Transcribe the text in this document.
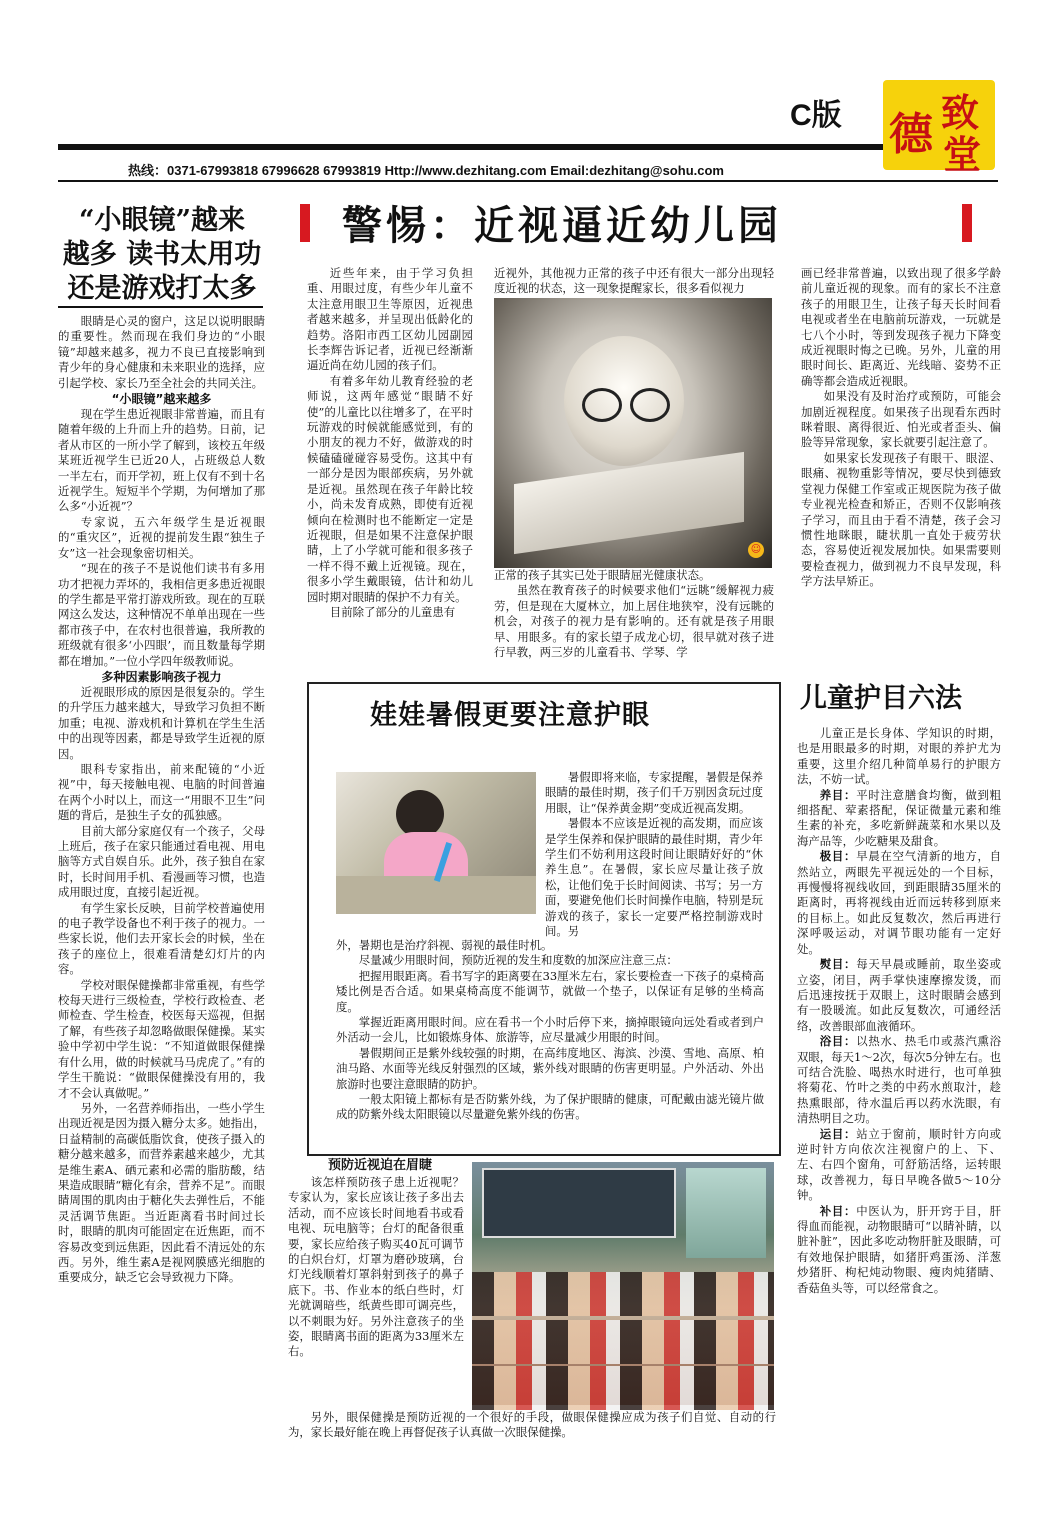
C版 德 致
堂
热线：0371-67993818 67996628 67993819 Http://www.dezhitang.com Email:dezhitang@sohu.com
警惕：近视逼近幼儿园
“小眼镜”越来
越多 读书太用功
还是游戏打太多

眼睛是心灵的窗户，这足以说明眼睛的重要性。然而现在我们身边的“小眼镜”却越来越多，视力不良已直接影响到青少年的身心健康和未来职业的选择，应引起学校、家长乃至全社会的共同关注。

“小眼镜”越来越多

现在学生患近视眼非常普遍，而且有随着年级的上升而上升的趋势。日前，记者从市区的一所小学了解到，该校五年级某班近视学生已近20人，占班级总人数一半左右，而开学初，班上仅有不到十名近视学生。短短半个学期，为何增加了那么多“小近视”？

专家说，五六年级学生是近视眼的“重灾区”，近视的提前发生跟“独生子女”这一社会现象密切相关。

“现在的孩子不是说他们读书有多用功才把视力弄坏的，我相信更多患近视眼的学生都是平常打游戏所致。现在的互联网这么发达，这种情况不单单出现在一些都市孩子中，在农村也很普遍，我所教的班级就有很多‘小四眼’，而且数量每学期都在增加。”一位小学四年级教师说。

多种因素影响孩子视力

近视眼形成的原因是很复杂的。学生的升学压力越来越大，导致学习负担不断加重；电视、游戏机和计算机在学生生活中的出现等因素，都是导致学生近视的原因。

眼科专家指出，前来配镜的“小近视”中，每天接触电视、电脑的时间普遍在两个小时以上，而这一“用眼不卫生”问题的背后，是独生子女的孤独感。

目前大部分家庭仅有一个孩子，父母上班后，孩子在家只能通过看电视、用电脑等方式自娱自乐。此外，孩子独自在家时，长时间用手机、看漫画等习惯，也造成用眼过度，直接引起近视。

有学生家长反映，目前学校普遍使用的电子教学设备也不利于孩子的视力。一些家长说，他们去开家长会的时候，坐在孩子的座位上，很难看清楚幻灯片的内容。

学校对眼保健操都非常重视，有些学校每天进行三级检查，学校行政检查、老师检查、学生检查，校医每天巡视，但据了解，有些孩子却忽略做眼保健操。某实验中学初中学生说：“不知道做眼保健操有什么用，做的时候就马马虎虎了。”有的学生干脆说：“做眼保健操没有用的，我才不会认真做呢。”

另外，一名营养师指出，一些小学生出现近视是因为摄入糖分太多。她指出，日益精制的高碳低脂饮食，使孩子摄入的糖分越来越多，而营养素越来越少，尤其是维生素A、硒元素和必需的脂肪酸，结果造成眼睛“糖化有余，营养不足”。而眼睛周围的肌肉由于糖化失去弹性后，不能灵活调节焦距。当近距离看书时间过长时，眼睛的肌肉可能固定在近焦距，而不容易改变到远焦距，因此看不清远处的东西。另外，维生素A是视网膜感光细胞的重要成分，缺乏它会导致视力下降。

近些年来，由于学习负担重、用眼过度，有些少年儿童不太注意用眼卫生等原因，近视患者越来越多，并呈现出低龄化的趋势。洛阳市西工区幼儿园副园长李辉告诉记者，近视已经渐渐逼近尚在幼儿园的孩子们。

有着多年幼儿教育经验的老师说，这两年感觉“眼睛不好使”的儿童比以往增多了，在平时玩游戏的时候就能感觉到，有的小朋友的视力不好，做游戏的时候磕磕碰碰容易受伤。这其中有一部分是因为眼部疾病，另外就是近视。虽然现在孩子年龄比较小，尚未发育成熟，即使有近视倾向在检测时也不能断定一定是近视眼，但是如果不注意保护眼睛，上了小学就可能和很多孩子一样不得不戴上近视镜。现在，很多小学生戴眼镜，估计和幼儿园时期对眼睛的保护不力有关。

目前除了部分的儿童患有

近视外，其他视力正常的孩子中还有很大一部分出现轻度近视的状态，这一现象提醒家长，很多看似视力

☺

正常的孩子其实已处于眼睛屈光健康状态。

虽然在教育孩子的时候要求他们“远眺”缓解视力疲劳，但是现在大厦林立，加上居住地狭窄，没有远眺的机会，对孩子的视力是有影响的。还有就是孩子用眼早、用眼多。有的家长望子成龙心切，很早就对孩子进行早教，两三岁的儿童看书、学琴、学

画已经非常普遍，以致出现了很多学龄前儿童近视的现象。而有的家长不注意孩子的用眼卫生，让孩子每天长时间看电视或者坐在电脑前玩游戏，一玩就是七八个小时，等到发现孩子视力下降变成近视眼时悔之已晚。另外，儿童的用眼时间长、距离近、光线暗、姿势不正确等都会造成近视眼。

如果没有及时治疗或预防，可能会加剧近视程度。如果孩子出现看东西时眯着眼、离得很近、怕光或者歪头、偏脸等异常现象，家长就要引起注意了。

如果家长发现孩子有眼干、眼涩、眼痛、视物重影等情况，要尽快到德致堂视力保健工作室或正规医院为孩子做专业视光检查和矫正，否则不仅影响孩子学习，而且由于看不清楚，孩子会习惯性地眯眼，睫状肌一直处于疲劳状态，容易使近视发展加快。如果需要则要检查视力，做到视力不良早发现，科学方法早矫正。

娃娃暑假更要注意护眼

暑假即将来临，专家提醒，暑假是保养眼睛的最佳时期，孩子们千万别因贪玩过度用眼，让“保养黄金期”变成近视高发期。

暑假本不应该是近视的高发期，而应该是学生保养和保护眼睛的最佳时期，青少年学生们不妨利用这段时间让眼睛好好的“休养生息”。在暑假，家长应尽量让孩子放松，让他们免于长时间阅读、书写；另一方面，要避免他们长时间操作电脑，特别是玩游戏的孩子，家长一定要严格控制游戏时间。另

外，暑期也是治疗斜视、弱视的最佳时机。

尽量减少用眼时间，预防近视的发生和度数的加深应注意三点：

把握用眼距离。看书写字的距离要在33厘米左右，家长要检查一下孩子的桌椅高矮比例是否合适。如果桌椅高度不能调节，就做一个垫子，以保证有足够的坐椅高度。

掌握近距离用眼时间。应在看书一个小时后停下来，摘掉眼镜向远处看或者到户外活动一会儿，比如锻炼身体、旅游等，应尽量减少用眼的时间。

暑假期间正是紫外线较强的时期，在高纬度地区、海滨、沙漠、雪地、高原、柏油马路、水面等光线反射强烈的区域，紫外线对眼睛的伤害更明显。户外活动、外出旅游时也要注意眼睛的防护。

一般太阳镜上都标有是否防紫外线，为了保护眼睛的健康，可配戴由滤光镜片做成的防紫外线太阳眼镜以尽量避免紫外线的伤害。

预防近视迫在眉睫

该怎样预防孩子患上近视呢？专家认为，家长应该让孩子多出去活动，而不应该长时间地看书或看电视、玩电脑等；台灯的配备很重要，家长应给孩子购买40瓦可调节的白炽台灯，灯罩为磨砂玻璃，台灯光线顺着灯罩斜射到孩子的鼻子底下。书、作业本的纸白些时，灯光就调暗些，纸黄些即可调亮些，以不刺眼为好。另外注意孩子的坐姿，眼睛离书面的距离为33厘米左右。

另外，眼保健操是预防近视的一个很好的手段，做眼保健操应成为孩子们自觉、自动的行为，家长最好能在晚上再督促孩子认真做一次眼保健操。

儿童护目六法

儿童正是长身体、学知识的时期，也是用眼最多的时期，对眼的养护尤为重要，这里介绍几种简单易行的护眼方法，不妨一试。

养目：平时注意膳食均衡，做到粗细搭配、荤素搭配，保证微量元素和维生素的补充，多吃新鲜蔬菜和水果以及海产品等，少吃糖果及甜食。

极目：早晨在空气清新的地方，自然站立，两眼先平视远处的一个目标，再慢慢将视线收回，到距眼睛35厘米的距离时，再将视线由近而远转移到原来的目标上。如此反复数次，然后再进行深呼吸运动，对调节眼功能有一定好处。

熨目：每天早晨或睡前，取坐姿或立姿，闭目，两手掌快速摩擦发烫，而后迅速按抚于双眼上，这时眼睛会感到有一股暖流。如此反复数次，可通经活络，改善眼部血液循环。

浴目：以热水、热毛巾或蒸汽熏浴双眼，每天1～2次，每次5分钟左右。也可结合洗脸、喝热水时进行，也可单独将菊花、竹叶之类的中药水煎取汁，趁热熏眼部，待水温后再以药水洗眼，有清热明目之功。

运目：站立于窗前，顺时针方向或逆时针方向依次注视窗户的上、下、左、右四个窗角，可舒筋活络，运转眼球，改善视力，每日早晚各做5～10分钟。

补目：中医认为，肝开窍于目，肝得血而能视，动物眼睛可“以睛补睛，以脏补脏”，因此多吃动物肝脏及眼睛，可有效地保护眼睛，如猪肝鸡蛋汤、洋葱炒猪肝、枸杞炖动物眼、瘦肉炖猪睛、香菇鱼头等，可以经常食之。
